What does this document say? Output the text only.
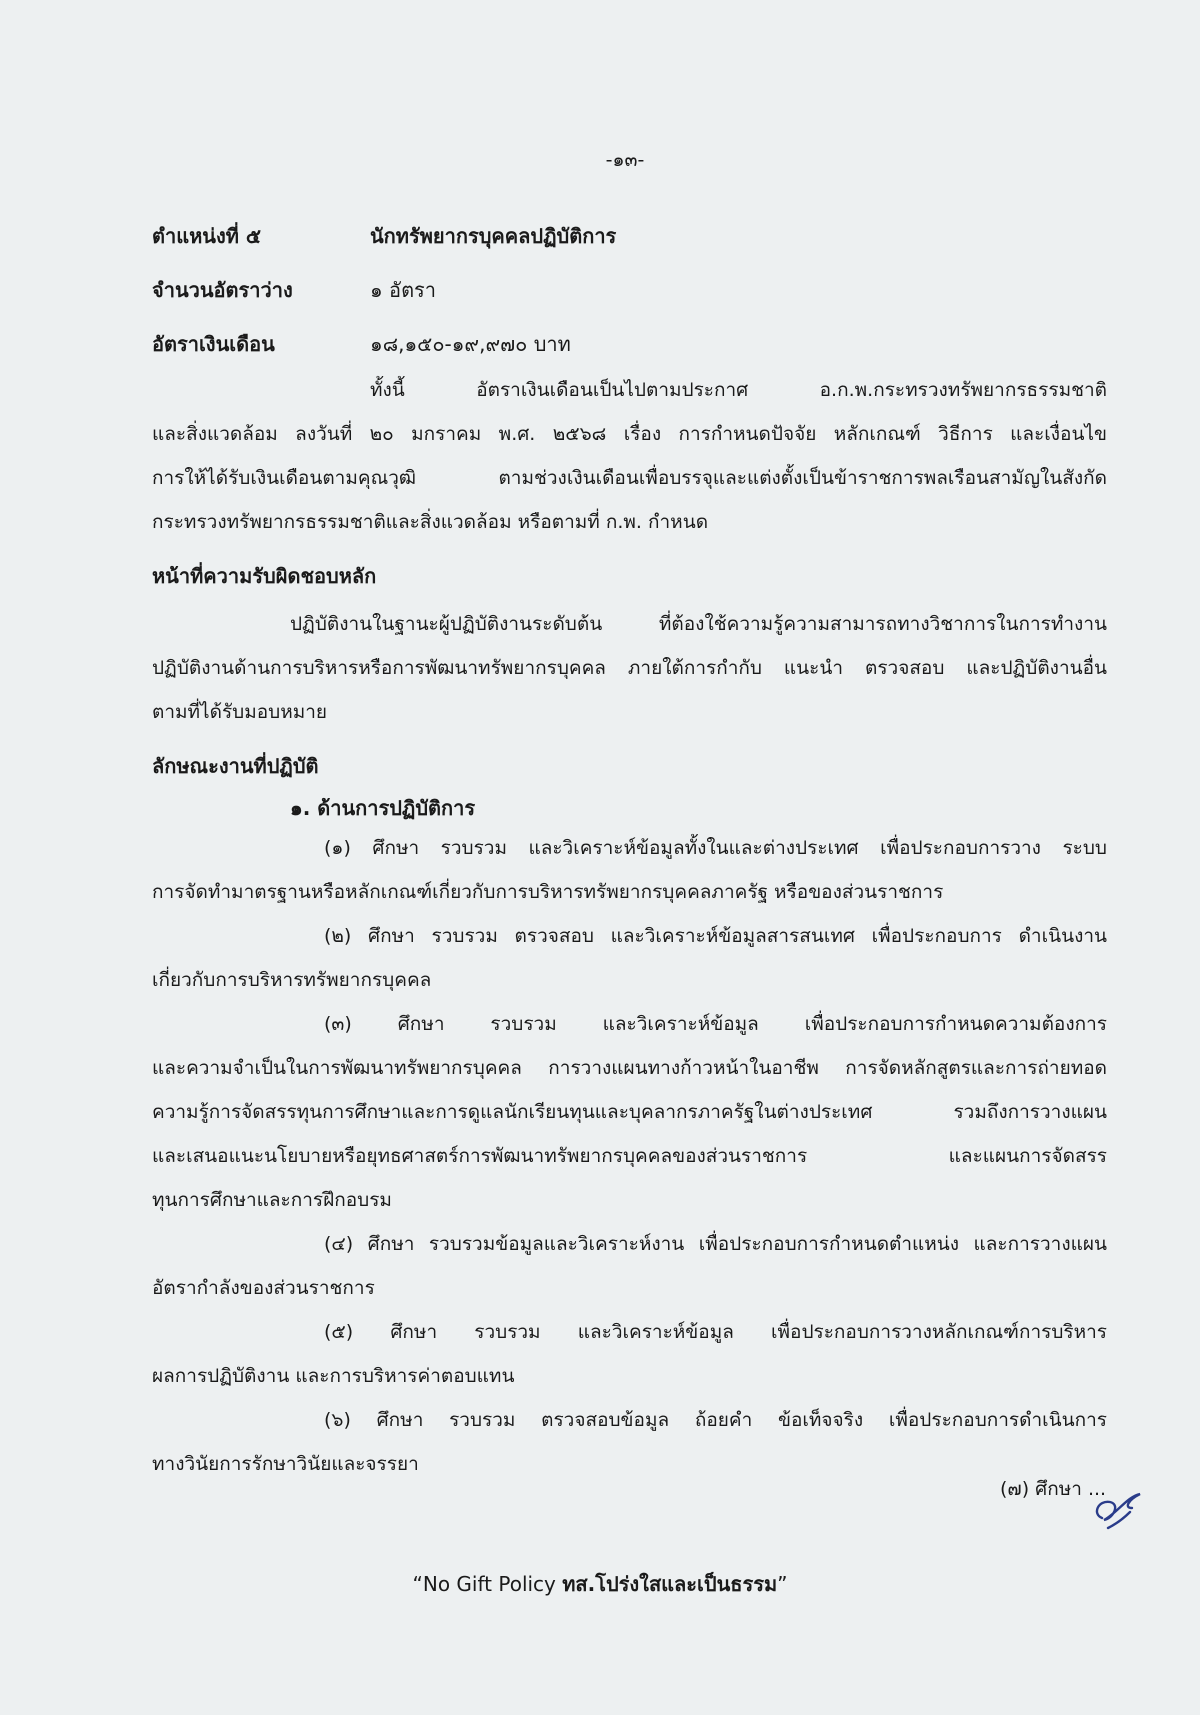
-๑๓-
ตำแหน่งที่ ๕	นักทรัพยากรบุคคลปฏิบัติการ
จำนวนอัตราว่าง	๑ อัตรา
อัตราเงินเดือน	๑๘,๑๕๐-๑๙,๙๗๐ บาท
ทั้งนี้ อัตราเงินเดือนเป็นไปตามประกาศ อ.ก.พ.กระทรวงทรัพยากรธรรมชาติ
และสิ่งแวดล้อม ลงวันที่ ๒๐ มกราคม พ.ศ. ๒๕๖๘ เรื่อง การกำหนดปัจจัย หลักเกณฑ์ วิธีการ และเงื่อนไข
การให้ได้รับเงินเดือนตามคุณวุฒิ ตามช่วงเงินเดือนเพื่อบรรจุและแต่งตั้งเป็นข้าราชการพลเรือนสามัญในสังกัด
กระทรวงทรัพยากรธรรมชาติและสิ่งแวดล้อม หรือตามที่ ก.พ. กำหนด
หน้าที่ความรับผิดชอบหลัก
ปฏิบัติงานในฐานะผู้ปฏิบัติงานระดับต้น ที่ต้องใช้ความรู้ความสามารถทางวิชาการในการทำงาน
ปฏิบัติงานด้านการบริหารหรือการพัฒนาทรัพยากรบุคคล ภายใต้การกำกับ แนะนำ ตรวจสอบ และปฏิบัติงานอื่น
ตามที่ได้รับมอบหมาย
ลักษณะงานที่ปฏิบัติ
๑. ด้านการปฏิบัติการ
(๑) ศึกษา รวบรวม และวิเคราะห์ข้อมูลทั้งในและต่างประเทศ เพื่อประกอบการวาง ระบบ
การจัดทำมาตรฐานหรือหลักเกณฑ์เกี่ยวกับการบริหารทรัพยากรบุคคลภาครัฐ หรือของส่วนราชการ
(๒) ศึกษา รวบรวม ตรวจสอบ และวิเคราะห์ข้อมูลสารสนเทศ เพื่อประกอบการ ดำเนินงาน
เกี่ยวกับการบริหารทรัพยากรบุคคล
(๓) ศึกษา รวบรวม และวิเคราะห์ข้อมูล เพื่อประกอบการกำหนดความต้องการ
และความจำเป็นในการพัฒนาทรัพยากรบุคคล การวางแผนทางก้าวหน้าในอาชีพ การจัดหลักสูตรและการถ่ายทอด
ความรู้การจัดสรรทุนการศึกษาและการดูแลนักเรียนทุนและบุคลากรภาครัฐในต่างประเทศ รวมถึงการวางแผน
และเสนอแนะนโยบายหรือยุทธศาสตร์การพัฒนาทรัพยากรบุคคลของส่วนราชการ และแผนการจัดสรร
ทุนการศึกษาและการฝึกอบรม
(๔) ศึกษา รวบรวมข้อมูลและวิเคราะห์งาน เพื่อประกอบการกำหนดตำแหน่ง และการวางแผน
อัตรากำลังของส่วนราชการ
(๕) ศึกษา รวบรวม และวิเคราะห์ข้อมูล เพื่อประกอบการวางหลักเกณฑ์การบริหาร
ผลการปฏิบัติงาน และการบริหารค่าตอบแทน
(๖) ศึกษา รวบรวม ตรวจสอบข้อมูล ถ้อยคำ ข้อเท็จจริง เพื่อประกอบการดำเนินการ
ทางวินัยการรักษาวินัยและจรรยา
(๗) ศึกษา ...
“No Gift Policy ทส.โปร่งใสและเป็นธรรม”
